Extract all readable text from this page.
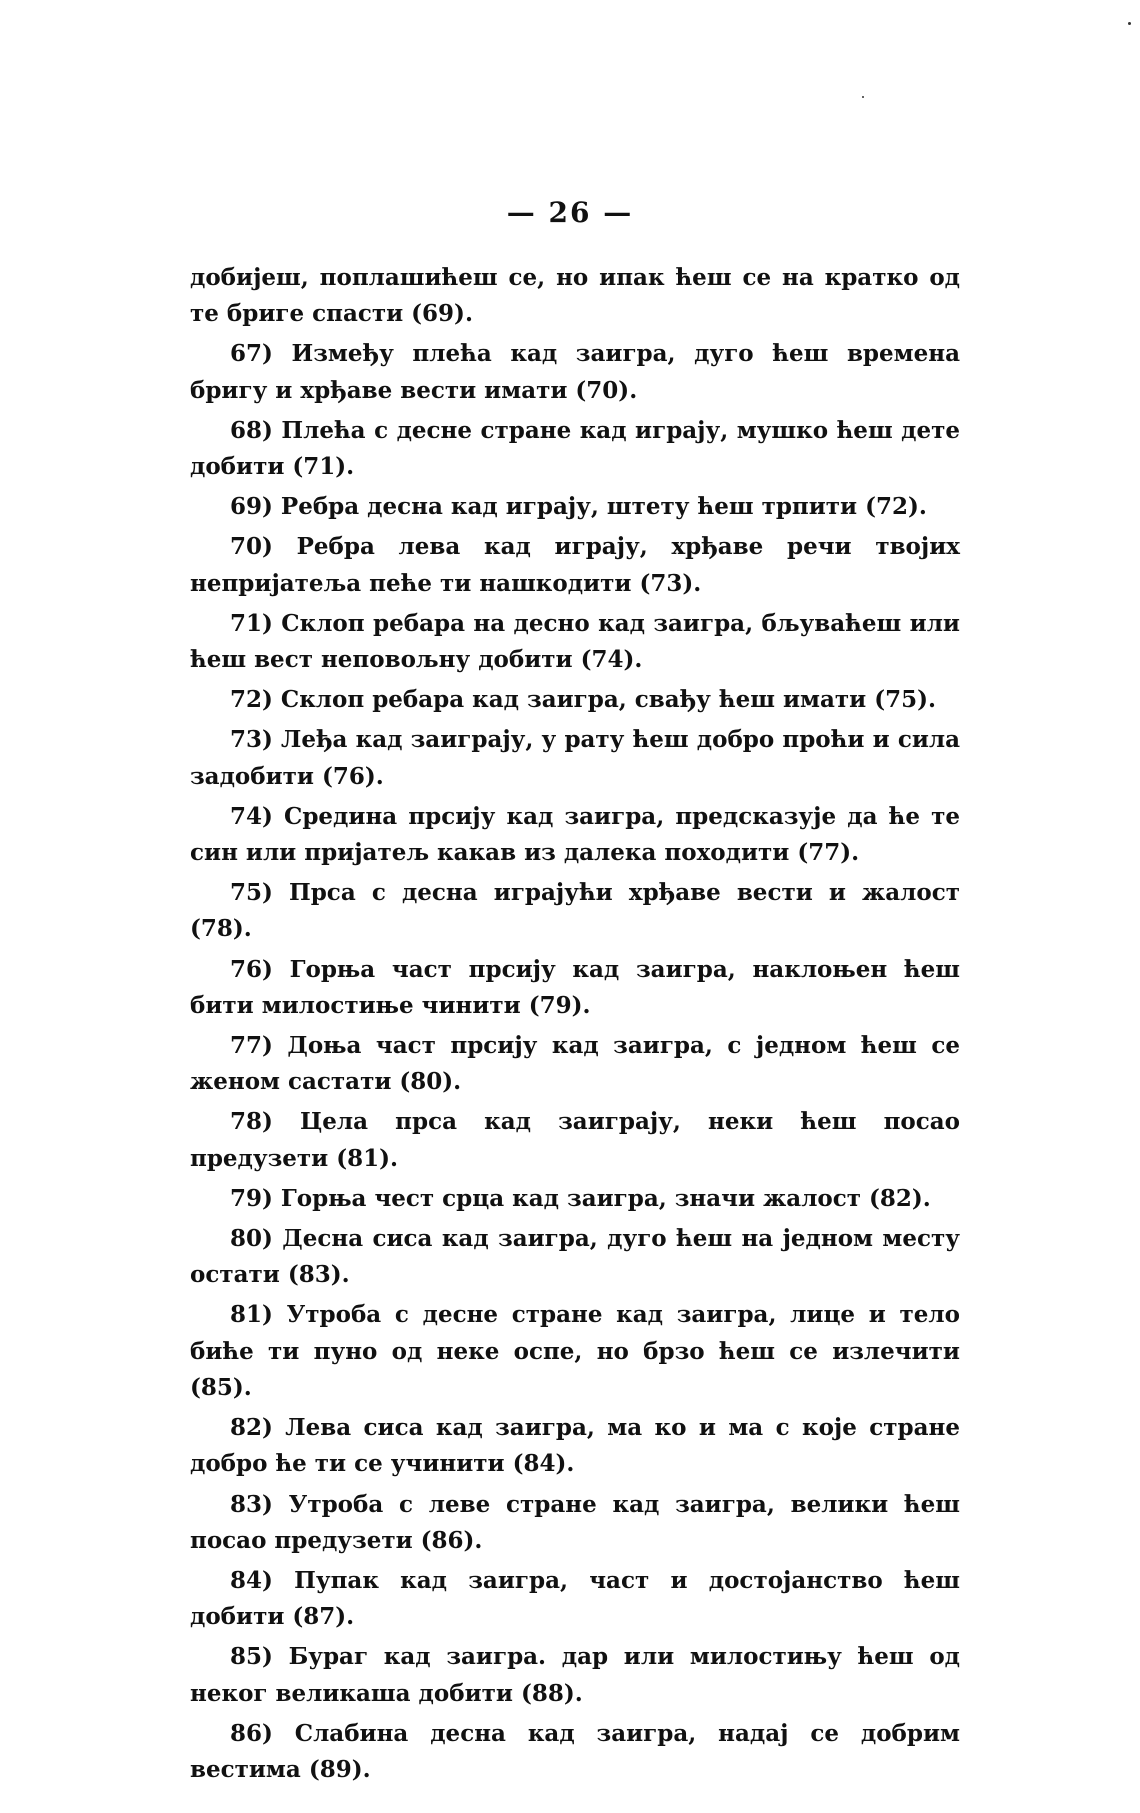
— 26 —

добијеш, поплашићеш се, но ипак ћеш се на кратко од те бриге спасти (69).

67) Између плећа кад заигра, дуго ћеш времена бригу и хрђаве вести имати (70).

68) Плећа с десне стране кад играју, мушко ћеш дете добити (71).

69) Ребра десна кад играју, штету ћеш трпити (72).

70) Ребра лева кад играју, хрђаве речи твојих непријатеља пеће ти нашкодити (73).

71) Склоп ребара на десно кад заигра, бљуваћеш или ћеш вест неповољну добити (74).

72) Склоп ребара кад заигра, свађу ћеш имати (75).

73) Леђа кад заиграју, у рату ћеш добро проћи и сила задобити (76).

74) Средина прсију кад заигра, предсказује да ће те син или пријатељ какав из далека походити (77).

75) Прса с десна играјући хрђаве вести и жалост (78).

76) Горња част прсију кад заигра, наклоњен ћеш бити милостиње чинити (79).

77) Доња част прсију кад заигра, с једном ћеш се женом састати (80).

78) Цела прса кад заиграју, неки ћеш посао предузети (81).

79) Горња чест срца кад заигра, значи жалост (82).

80) Десна сиса кад заигра, дуго ћеш на једном месту остати (83).

81) Утроба с десне стране кад заигра, лице и тело биће ти пуно од неке оспе, но брзо ћеш се излечити (85).

82) Лева сиса кад заигра, ма ко и ма с које стране добро ће ти се учинити (84).

83) Утроба с леве стране кад заигра, велики ћеш посао предузети (86).

84) Пупак кад заигра, част и достојанство ћеш добити (87).

85) Бураг кад заигра. дар или милостињу ћеш од неког великаша добити (88).

86) Слабина десна кад заигра, надај се добрим вестима (89).
